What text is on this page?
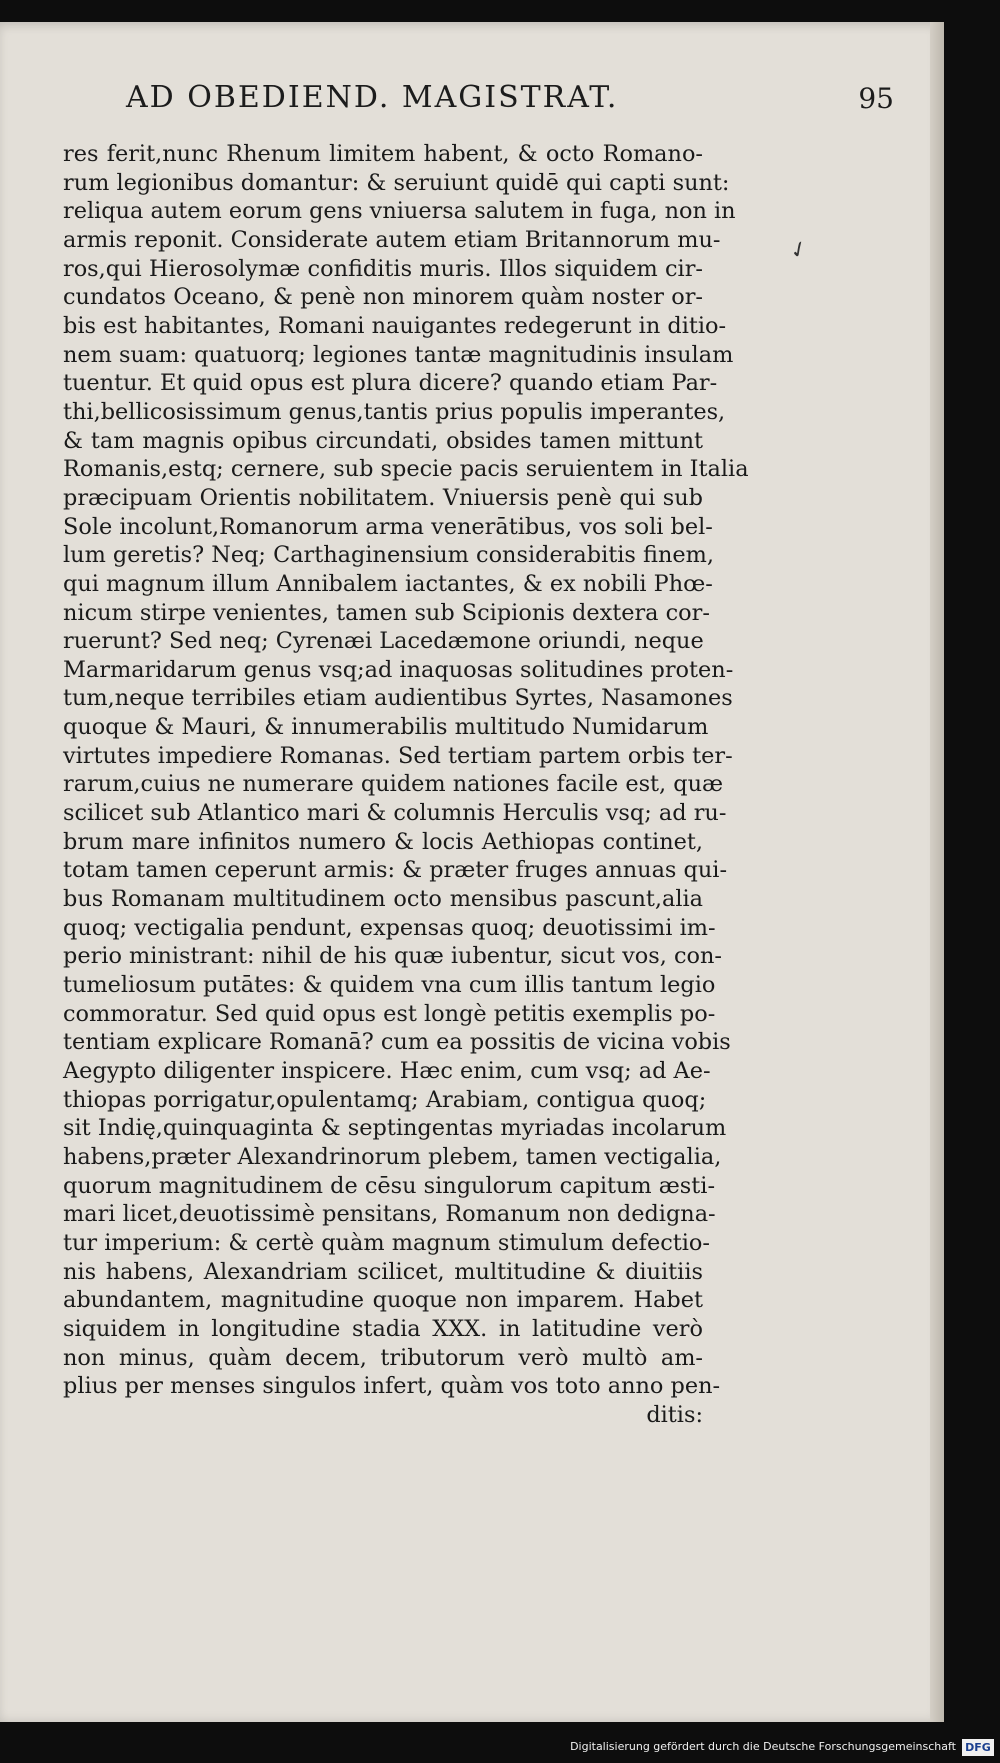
AD OBEDIEND. MAGISTRAT.	95
res ferit,nunc Rhenum limitem habent, & octo Romano-
rum legionibus domantur: & seruiunt quidē qui capti sunt:
reliqua autem eorum gens vniuersa salutem in fuga, non in
armis reponit. Considerate autem etiam Britannorum mu-
ros,qui Hierosolymæ confiditis muris. Illos siquidem cir-
cundatos Oceano, & penè non minorem quàm noster or-
bis est habitantes, Romani nauigantes redegerunt in ditio-
nem suam: quatuorq; legiones tantæ magnitudinis insulam
tuentur. Et quid opus est plura dicere? quando etiam Par-
thi,bellicosissimum genus,tantis prius populis imperantes,
& tam magnis opibus circundati, obsides tamen mittunt
Romanis,estq; cernere, sub specie pacis seruientem in Italia
præcipuam Orientis nobilitatem. Vniuersis penè qui sub
Sole incolunt,Romanorum arma venerātibus, vos soli bel-
lum geretis? Neq; Carthaginensium considerabitis finem,
qui magnum illum Annibalem iactantes, & ex nobili Phœ-
nicum stirpe venientes, tamen sub Scipionis dextera cor-
ruerunt? Sed neq; Cyrenæi Lacedæmone oriundi, neque
Marmaridarum genus vsq;ad inaquosas solitudines proten-
tum,neque terribiles etiam audientibus Syrtes, Nasamones
quoque & Mauri, & innumerabilis multitudo Numidarum
virtutes impediere Romanas. Sed tertiam partem orbis ter-
rarum,cuius ne numerare quidem nationes facile est, quæ
scilicet sub Atlantico mari & columnis Herculis vsq; ad ru-
brum mare infinitos numero & locis Aethiopas continet,
totam tamen ceperunt armis: & præter fruges annuas qui-
bus Romanam multitudinem octo mensibus pascunt,alia
quoq; vectigalia pendunt, expensas quoq; deuotissimi im-
perio ministrant: nihil de his quæ iubentur, sicut vos, con-
tumeliosum putātes: & quidem vna cum illis tantum legio
commoratur. Sed quid opus est longè petitis exemplis po-
tentiam explicare Romanā? cum ea possitis de vicina vobis
Aegypto diligenter inspicere. Hæc enim, cum vsq; ad Ae-
thiopas porrigatur,opulentamq; Arabiam, contigua quoq;
sit Indię,quinquaginta & septingentas myriadas incolarum
habens,præter Alexandrinorum plebem, tamen vectigalia,
quorum magnitudinem de cēsu singulorum capitum æsti-
mari licet,deuotissimè pensitans, Romanum non dedigna-
tur imperium: & certè quàm magnum stimulum defectio-
nis habens, Alexandriam scilicet, multitudine & diuitiis
abundantem, magnitudine quoque non imparem. Habet
siquidem in longitudine stadia XXX. in latitudine verò
non minus, quàm decem, tributorum verò multò am-
plius per menses singulos infert, quàm vos toto anno pen-
ditis:
✓
Digitalisierung gefördert durch die Deutsche Forschungsgemeinschaft DFG
